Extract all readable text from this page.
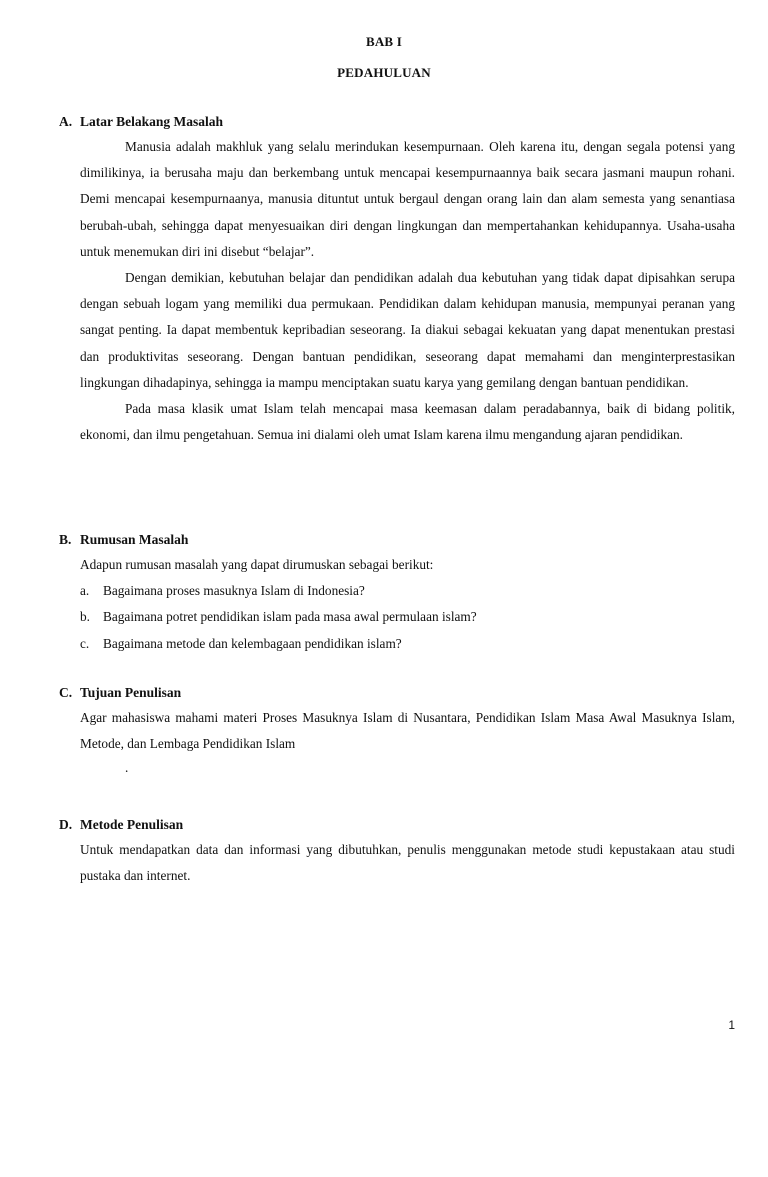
BAB I
PEDAHULUAN
A. Latar Belakang Masalah

Manusia adalah makhluk yang selalu merindukan kesempurnaan. Oleh karena itu, dengan segala potensi yang dimilikinya, ia berusaha maju dan berkembang untuk mencapai kesempurnaannya baik secara jasmani maupun rohani. Demi mencapai kesempurnaanya, manusia dituntut untuk bergaul dengan orang lain dan alam semesta yang senantiasa berubah-ubah, sehingga dapat menyesuaikan diri dengan lingkungan dan mempertahankan kehidupannya. Usaha-usaha untuk menemukan diri ini disebut “belajar”.

Dengan demikian, kebutuhan belajar dan pendidikan adalah dua kebutuhan yang tidak dapat dipisahkan serupa dengan sebuah logam yang memiliki dua permukaan. Pendidikan dalam kehidupan manusia, mempunyai peranan yang sangat penting. Ia dapat membentuk kepribadian seseorang. Ia diakui sebagai kekuatan yang dapat menentukan prestasi dan produktivitas seseorang. Dengan bantuan pendidikan, seseorang dapat memahami dan menginterprestasikan lingkungan dihadapinya, sehingga ia mampu menciptakan suatu karya yang gemilang dengan bantuan pendidikan.

Pada masa klasik umat Islam telah mencapai masa keemasan dalam peradabannya, baik di bidang politik, ekonomi, dan ilmu pengetahuan. Semua ini dialami oleh umat Islam karena ilmu mengandung ajaran pendidikan.

B. Rumusan Masalah

Adapun rumusan masalah yang dapat dirumuskan sebagai berikut:

a.	Bagaimana proses masuknya Islam di Indonesia?
b. Bagaimana potret pendidikan islam pada masa awal permulaan islam?
c.	Bagaimana metode dan kelembagaan pendidikan islam?
C. Tujuan Penulisan

Agar mahasiswa mahami materi Proses Masuknya Islam di Nusantara, Pendidikan Islam Masa Awal Masuknya Islam, Metode, dan Lembaga Pendidikan Islam

.
D. Metode Penulisan

Untuk mendapatkan data dan informasi yang dibutuhkan, penulis menggunakan metode studi kepustakaan atau studi pustaka dan internet.

1
